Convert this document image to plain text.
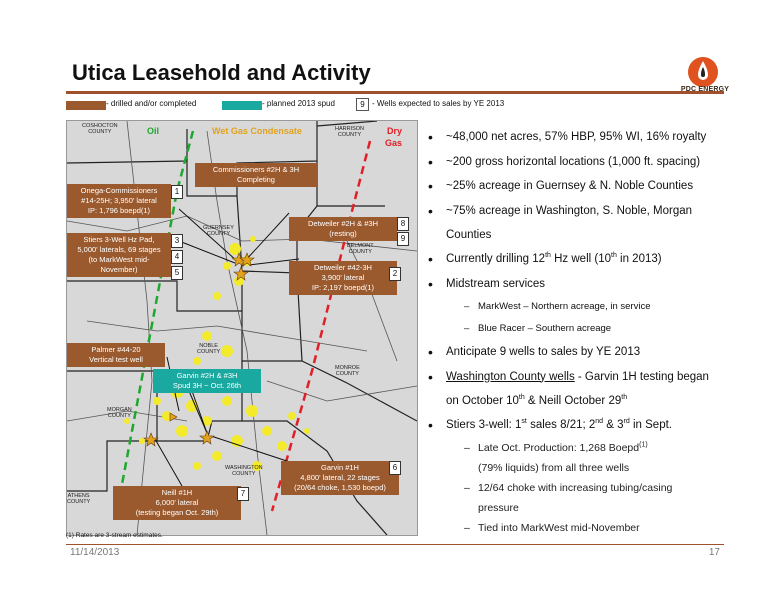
Utica Leasehold and Activity
PDC ENERGY
- drilled and/or completed	- planned 2013 spud	9 - Wells expected to sales by YE 2013
Oil	Wet Gas Condensate	Dry
Gas
COSHOCTON
COUNTY	HARRISON
COUNTY
GUERNSEY
COUNTY
BELMONT
COUNTY
NOBLE
COUNTY
MONROE
COUNTY
MORGAN
COUNTY
WASHINGTON
COUNTY
ATHENS
COUNTY
Commissioners #2H & 3H
Completing
Onega-Commissioners
#14-25H; 3,950' lateral
IP: 1,796 boepd(1)
Stiers 3-Well Hz Pad,
5,000' laterals, 69 stages
(to MarkWest mid-
November)
Detweiler #2H & #3H
(resting)
Detweiler #42-3H
3,900' lateral
IP: 2,197 boepd(1)
Palmer #44-20
Vertical test well
Garvin #2H & #3H
Spud 3H ~ Oct. 26th
Garvin #1H
4,800' lateral, 22 stages
(20/64 choke, 1,530 boepd)
Neill #1H
6,000' lateral
(testing began Oct. 29th)
1
3
4
5
8
9
2
6
7
(1) Rates are 3-stream estimates.
11/14/2013	17
• ~48,000 net acres, 57% HBP, 95% WI, 16% royalty
• ~200 gross horizontal locations (1,000 ft. spacing)
• ~25% acreage in Guernsey & N. Noble Counties
• ~75% acreage in Washington, S. Noble, Morgan
Counties
• Currently drilling 12th Hz well (10th in 2013)
• Midstream services
– MarkWest – Northern acreage, in service
– Blue Racer – Southern acreage
• Anticipate 9 wells to sales by YE 2013
• Washington County wells - Garvin 1H testing began
on October 10th & Neill October 29th
• Stiers 3-well: 1st sales 8/21; 2nd & 3rd in Sept.
– Late Oct. Production: 1,268 Boepd$^{(1)}$
(79% liquids) from all three wells
– 12/64 choke with increasing tubing/casing
pressure
– Tied into MarkWest mid-November
